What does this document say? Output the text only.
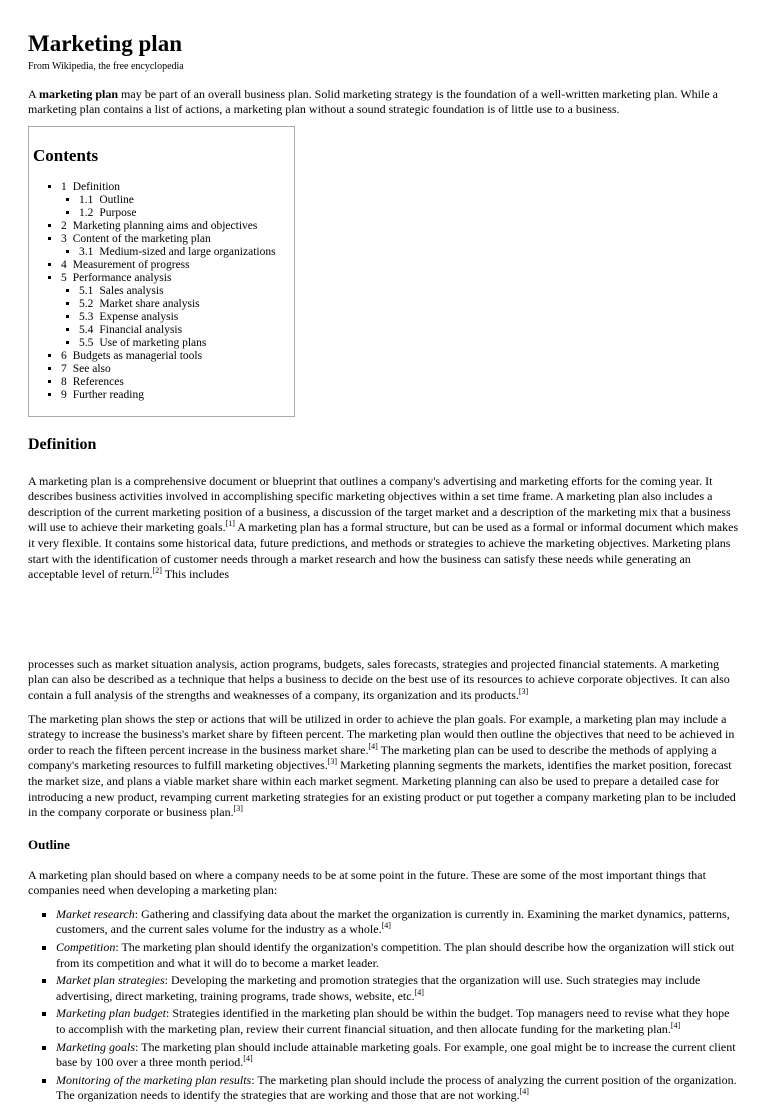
Marketing plan
From Wikipedia, the free encyclopedia

A marketing plan may be part of an overall business plan. Solid marketing strategy is the foundation of a well-written marketing plan. While a marketing plan contains a list of actions, a marketing plan without a sound strategic foundation is of little use to a business.

Contents
▪ 1 Definition
▪ 1.1 Outline
▪ 1.2 Purpose
▪ 2 Marketing planning aims and objectives
▪ 3 Content of the marketing plan
▪ 3.1 Medium-sized and large organizations
▪ 4 Measurement of progress
▪ 5 Performance analysis
▪ 5.1 Sales analysis
▪ 5.2 Market share analysis
▪ 5.3 Expense analysis
▪ 5.4 Financial analysis
▪ 5.5 Use of marketing plans
▪ 6 Budgets as managerial tools
▪ 7 See also
▪ 8 References
▪ 9 Further reading
Definition

A marketing plan is a comprehensive document or blueprint that outlines a company's advertising and marketing efforts for the coming year. It describes business activities involved in accomplishing specific marketing objectives within a set time frame. A marketing plan also includes a description of the current marketing position of a business, a discussion of the target market and a description of the marketing mix that a business will use to achieve their marketing goals.[1] A marketing plan has a formal structure, but can be used as a formal or informal document which makes it very flexible. It contains some historical data, future predictions, and methods or strategies to achieve the marketing objectives. Marketing plans start with the identification of customer needs through a market research and how the business can satisfy these needs while generating an acceptable level of return.[2] This includes

processes such as market situation analysis, action programs, budgets, sales forecasts, strategies and projected financial statements. A marketing plan can also be described as a technique that helps a business to decide on the best use of its resources to achieve corporate objectives. It can also contain a full analysis of the strengths and weaknesses of a company, its organization and its products.[3]

The marketing plan shows the step or actions that will be utilized in order to achieve the plan goals. For example, a marketing plan may include a strategy to increase the business's market share by fifteen percent. The marketing plan would then outline the objectives that need to be achieved in order to reach the fifteen percent increase in the business market share.[4] The marketing plan can be used to describe the methods of applying a company's marketing resources to fulfill marketing objectives.[3] Marketing planning segments the markets, identifies the market position, forecast the market size, and plans a viable market share within each market segment. Marketing planning can also be used to prepare a detailed case for introducing a new product, revamping current marketing strategies for an existing product or put together a company marketing plan to be included in the company corporate or business plan.[3]

Outline

A marketing plan should based on where a company needs to be at some point in the future. These are some of the most important things that companies need when developing a marketing plan:

▪ Market research: Gathering and classifying data about the market the organization is currently in. Examining the market dynamics, patterns, customers, and the current sales volume for the industry as a whole.[4]
▪ Competition: The marketing plan should identify the organization's competition. The plan should describe how the organization will stick out from its competition and what it will do to become a market leader.
▪ Market plan strategies: Developing the marketing and promotion strategies that the organization will use. Such strategies may include advertising, direct marketing, training programs, trade shows, website, etc.[4]
▪ Marketing plan budget: Strategies identified in the marketing plan should be within the budget. Top managers need to revise what they hope to accomplish with the marketing plan, review their current financial situation, and then allocate funding for the marketing plan.[4]
▪ Marketing goals: The marketing plan should include attainable marketing goals. For example, one goal might be to increase the current client base by 100 over a three month period.[4]
▪ Monitoring of the marketing plan results: The marketing plan should include the process of analyzing the current position of the organization. The organization needs to identify the strategies that are working and those that are not working.[4]
